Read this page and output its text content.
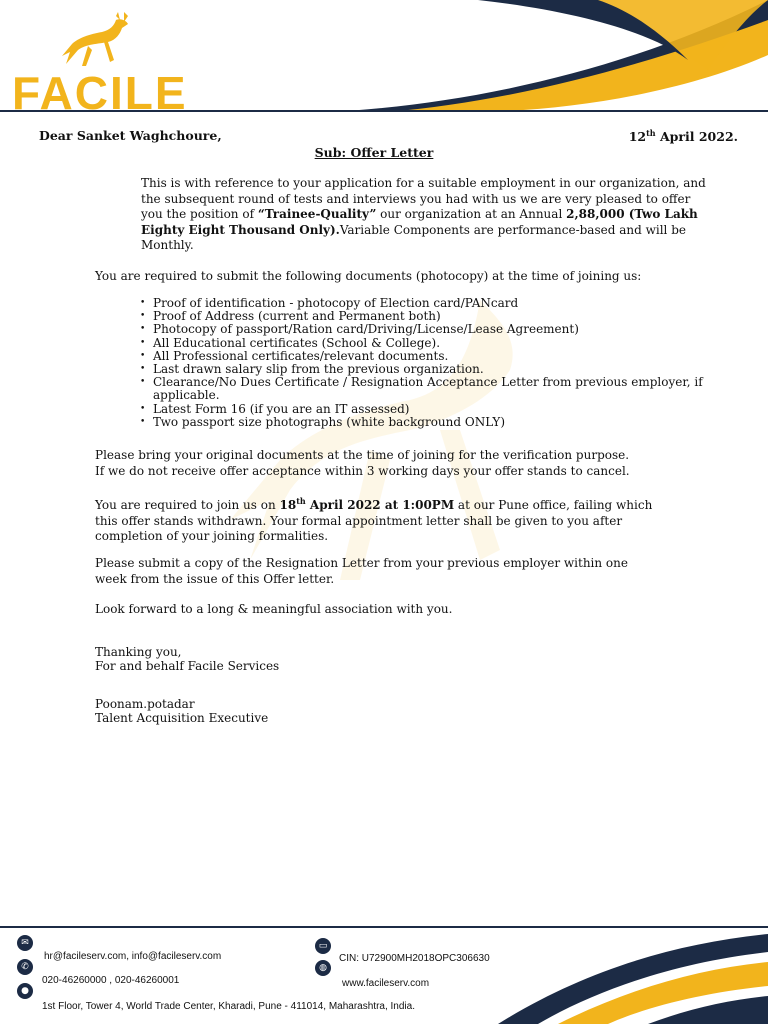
FACILE
Dear Sanket Waghchoure,	12th April 2022.
Sub: Offer Letter
This is with reference to your application for a suitable employment in our organization, and the subsequent round of tests and interviews you had with us we are very pleased to offer you the position of “Trainee-Quality” our organization at an Annual 2,88,000 (Two Lakh Eighty Eight Thousand Only).Variable Components are performance-based and will be Monthly.
You are required to submit the following documents (photocopy) at the time of joining us:
• Proof of identification - photocopy of Election card/PANcard
• Proof of Address (current and Permanent both)
• Photocopy of passport/Ration card/Driving/License/Lease Agreement)
• All Educational certificates (School & College).
• All Professional certificates/relevant documents.
• Last drawn salary slip from the previous organization.
• Clearance/No Dues Certificate / Resignation Acceptance Letter from previous employer, if applicable.
• Latest Form 16 (if you are an IT assessed)
• Two passport size photographs (white background ONLY)
Please bring your original documents at the time of joining for the verification purpose.
If we do not receive offer acceptance within 3 working days your offer stands to cancel.
You are required to join us on 18th April 2022 at 1:00PM at our Pune office, failing which this offer stands withdrawn. Your formal appointment letter shall be given to you after completion of your joining formalities.
Please submit a copy of the Resignation Letter from your previous employer within one week from the issue of this Offer letter.
Look forward to a long & meaningful association with you.
Thanking you,
For and behalf Facile Services
Poonam.potadar
Talent Acquisition Executive
✉
✆
●
hr@facileserv.com, info@facileserv.com
020-46260000 , 020-46260001
1st Floor, Tower 4, World Trade Center, Kharadi, Pune - 411014, Maharashtra, India.
▭
◍
CIN: U72900MH2018OPC306630
www.facileserv.com
